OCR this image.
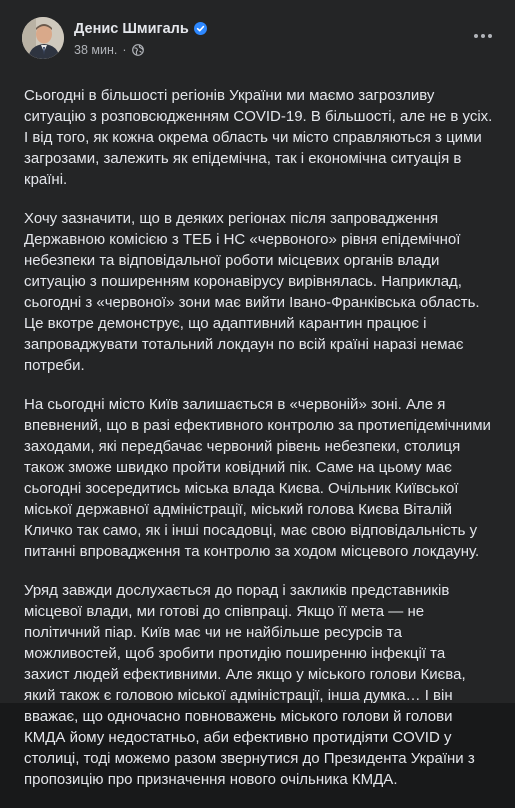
Денис Шмигаль
38 мин. ·

Сьогодні в більшості регіонів України ми маємо загрозливу ситуацію з розповсюдженням COVID-19. В більшості, але не в усіх. І від того, як кожна окрема область чи місто справляються з цими загрозами, залежить як епідемічна, так і економічна ситуація в країні.

Хочу зазначити, що в деяких регіонах після запровадження Державною комісією з ТЕБ і НС «червоного» рівня епідемічної небезпеки та відповідальної роботи місцевих органів влади ситуацію з поширенням коронавірусу вирівнялась. Наприклад, сьогодні з «червоної» зони має вийти Івано-Франківська область. Це вкотре демонструє, що адаптивний карантин працює і запроваджувати тотальний локдаун по всій країні наразі немає потреби.

На сьогодні місто Київ залишається в «червоній» зоні. Але я впевнений, що в разі ефективного контролю за протиепідемічними заходами, які передбачає червоний рівень небезпеки, столиця також зможе швидко пройти ковідний пік. Саме на цьому має сьогодні зосередитись міська влада Києва. Очільник Київської міської державної адміністрації, міський голова Києва Віталій Кличко так само, як і інші посадовці, має свою відповідальність у питанні впровадження та контролю за ходом місцевого локдауну.

Уряд завжди дослухається до порад і закликів представників місцевої влади, ми готові до співпраці. Якщо її мета — не політичний піар. Київ має чи не найбільше ресурсів та можливостей, щоб зробити протидію поширенню інфекції та захист людей ефективними. Але якщо у міського голови Києва, який також є головою міської адміністрації, інша думка… І він вважає, що одночасно повноважень міського голови й голови КМДА йому недостатньо, аби ефективно протидіяти COVID у столиці, тоді можемо разом звернутися до Президента України з пропозицію про призначення нового очільника КМДА.
